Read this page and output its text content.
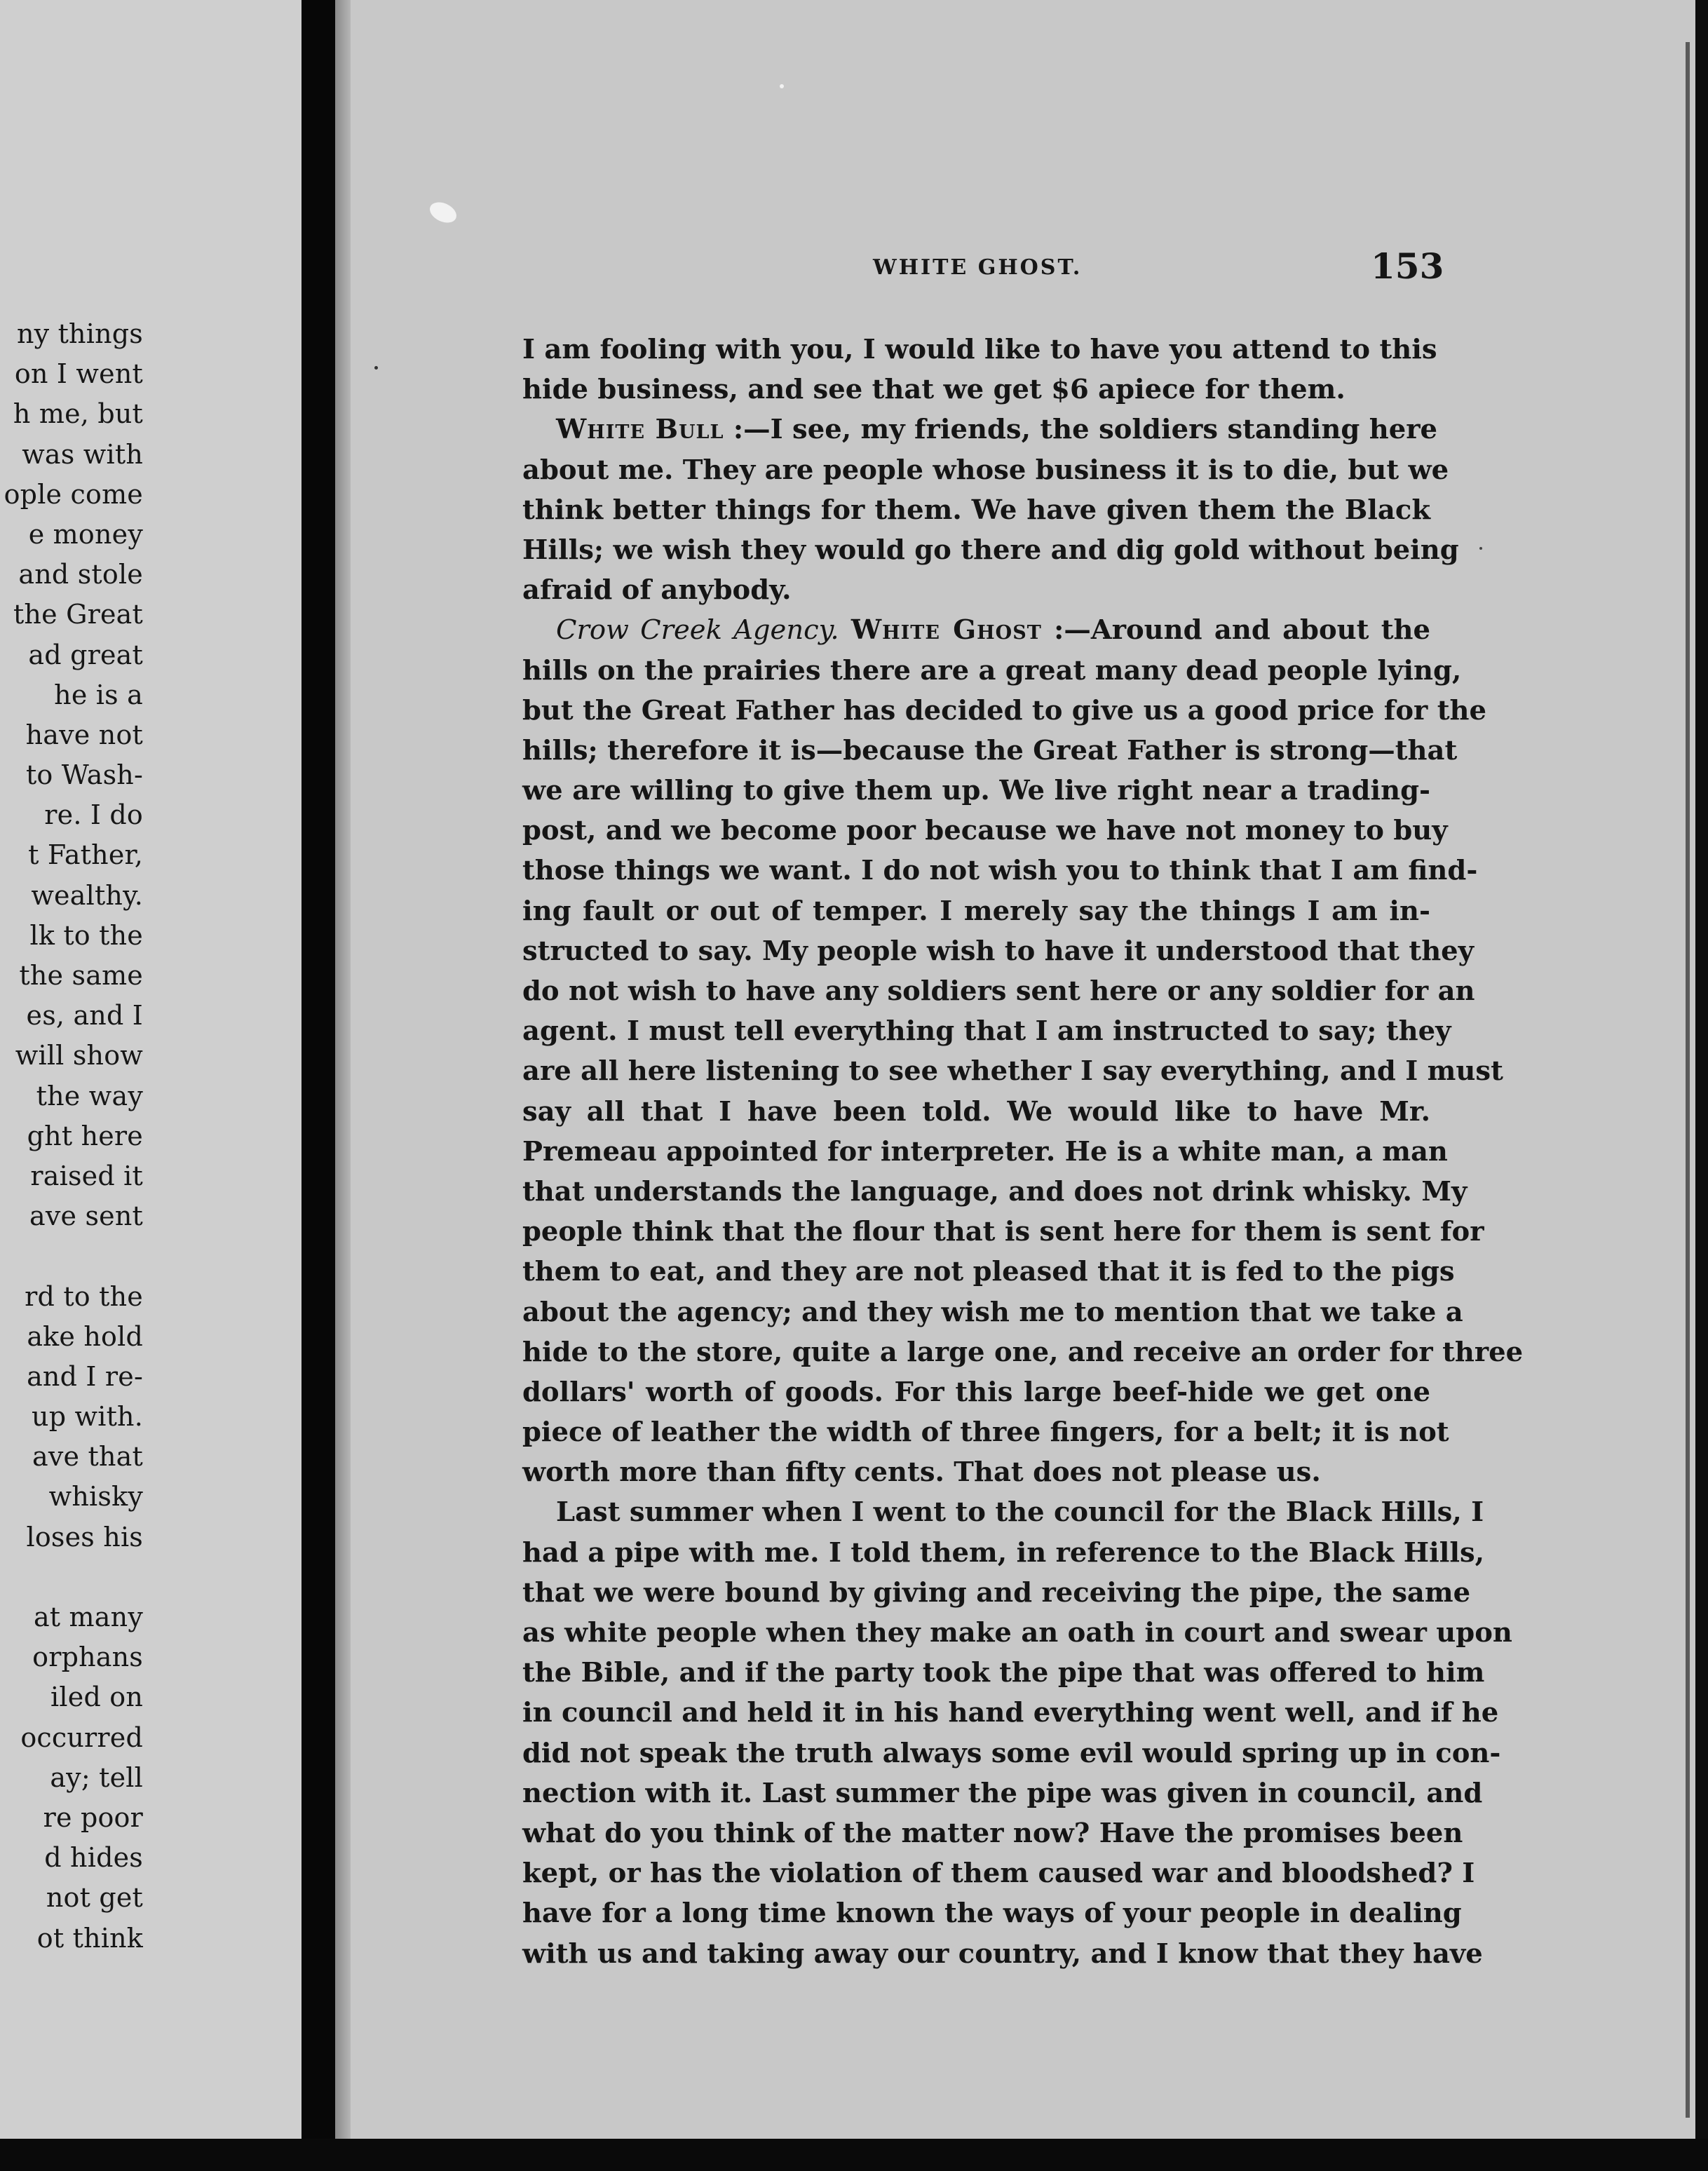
ny things
on I went
h me, but
was with
ople come
e money
and stole
the Great
ad great
he is a
have not
to Wash-
re. I do
t Father,
wealthy.
lk to the
the same
es, and I
will show
the way
ght here
raised it
ave sent
rd to the
ake hold
and I re-
up with.
ave that
whisky
loses his
at many
orphans
iled on
occurred
ay; tell
re poor
d hides
not get
ot think
WHITE GHOST.	153
I am fooling with you, I would like to have you attend to this
hide business, and see that we get $6 apiece for them.
White Bull :—I see, my friends, the soldiers standing here
about me. They are people whose business it is to die, but we
think better things for them. We have given them the Black
Hills; we wish they would go there and dig gold without being
afraid of anybody.
Crow Creek Agency. White Ghost :—Around and about the
hills on the prairies there are a great many dead people lying,
but the Great Father has decided to give us a good price for the
hills; therefore it is—because the Great Father is strong—that
we are willing to give them up. We live right near a trading-
post, and we become poor because we have not money to buy
those things we want. I do not wish you to think that I am find-
ing fault or out of temper. I merely say the things I am in-
structed to say. My people wish to have it understood that they
do not wish to have any soldiers sent here or any soldier for an
agent. I must tell everything that I am instructed to say; they
are all here listening to see whether I say everything, and I must
say all that I have been told. We would like to have Mr.
Premeau appointed for interpreter. He is a white man, a man
that understands the language, and does not drink whisky. My
people think that the flour that is sent here for them is sent for
them to eat, and they are not pleased that it is fed to the pigs
about the agency; and they wish me to mention that we take a
hide to the store, quite a large one, and receive an order for three
dollars' worth of goods. For this large beef-hide we get one
piece of leather the width of three fingers, for a belt; it is not
worth more than fifty cents. That does not please us.
Last summer when I went to the council for the Black Hills, I
had a pipe with me. I told them, in reference to the Black Hills,
that we were bound by giving and receiving the pipe, the same
as white people when they make an oath in court and swear upon
the Bible, and if the party took the pipe that was offered to him
in council and held it in his hand everything went well, and if he
did not speak the truth always some evil would spring up in con-
nection with it. Last summer the pipe was given in council, and
what do you think of the matter now? Have the promises been
kept, or has the violation of them caused war and bloodshed? I
have for a long time known the ways of your people in dealing
with us and taking away our country, and I know that they have
